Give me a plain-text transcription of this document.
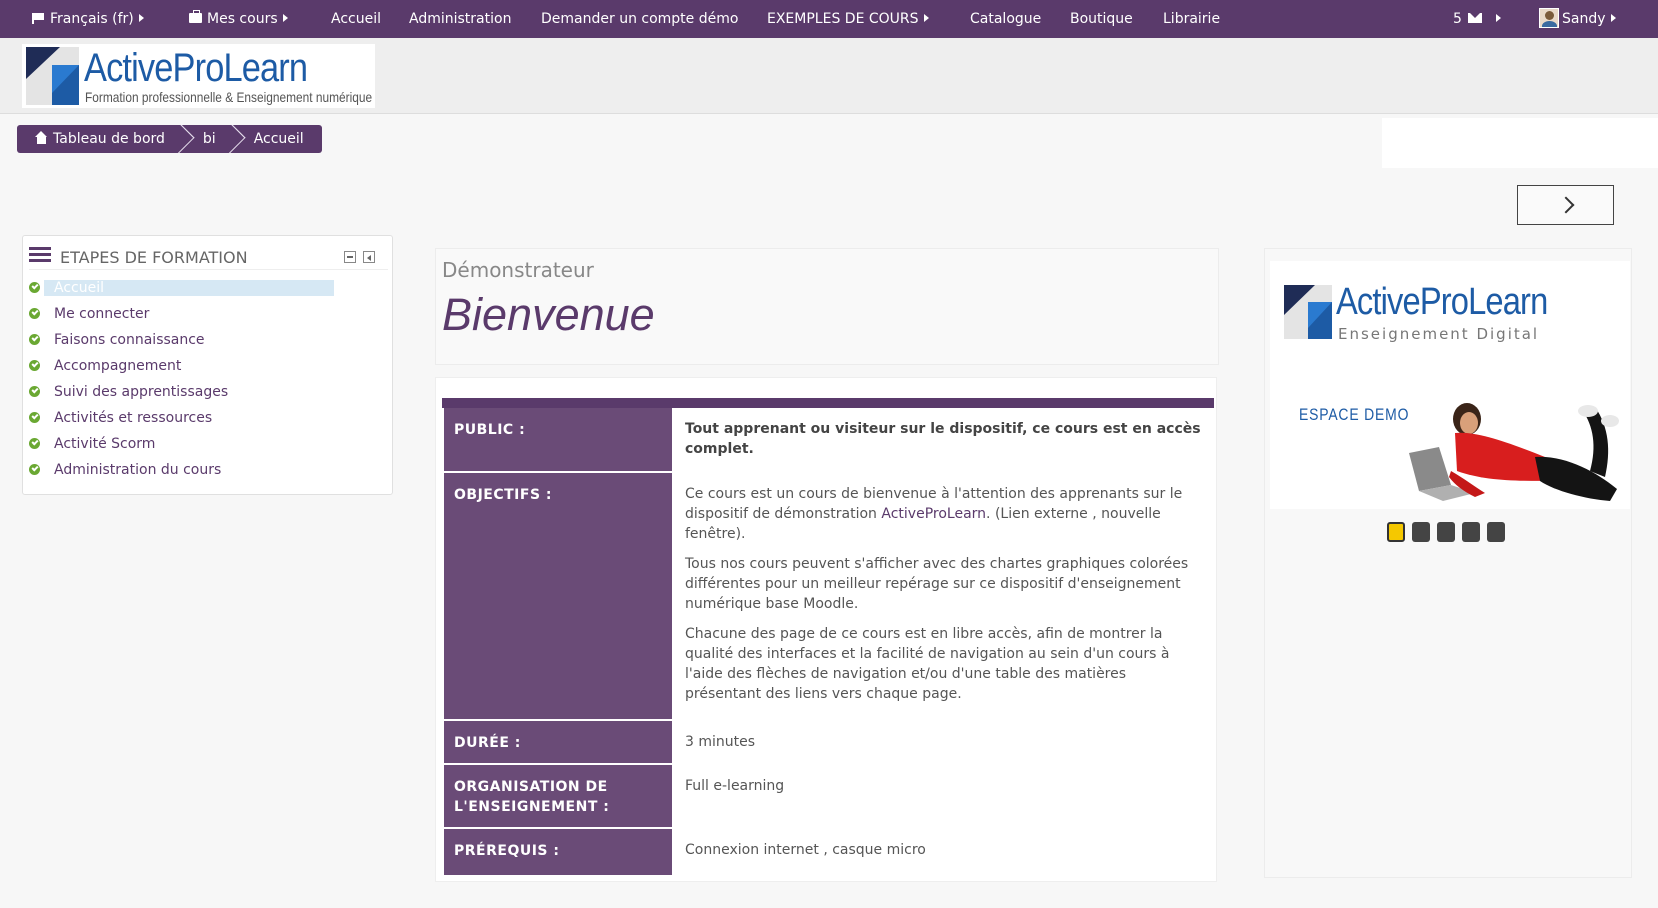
Français (fr)	Mes cours	Accueil Administration Demander un compte démo EXEMPLES DE COURS	Catalogue Boutique Librairie	5	Sandy
ActiveProLearn
Formation professionnelle & Enseignement numérique
Tableau de bord	bi	Accueil
ETAPES DE FORMATION
Accueil
Me connecter
Faisons connaissance
Accompagnement
Suivi des apprentissages
Activités et ressources
Activité Scorm
Administration du cours
Démonstrateur
Bienvenue
PUBLIC :	Tout apprenant ou visiteur sur le dispositif, ce cours est en accès complet.
OBJECTIFS :	Ce cours est un cours de bienvenue à l'attention des apprenants sur le dispositif de démonstration ActiveProLearn. (Lien externe , nouvelle fenêtre).

Tous nos cours peuvent s'afficher avec des chartes graphiques colorées différentes pour un meilleur repérage sur ce dispositif d'enseignement numérique base Moodle.

Chacune des page de ce cours est en libre accès, afin de montrer la qualité des interfaces et la facilité de navigation au sein d'un cours à l'aide des flèches de navigation et/ou d'une table des matières présentant des liens vers chaque page.

DURÉE :	3 minutes
ORGANISATION DE L'ENSEIGNEMENT :	Full e-learning
PRÉREQUIS :	Connexion internet , casque micro
ActiveProLearn
Enseignement Digital
ESPACE DEMO
